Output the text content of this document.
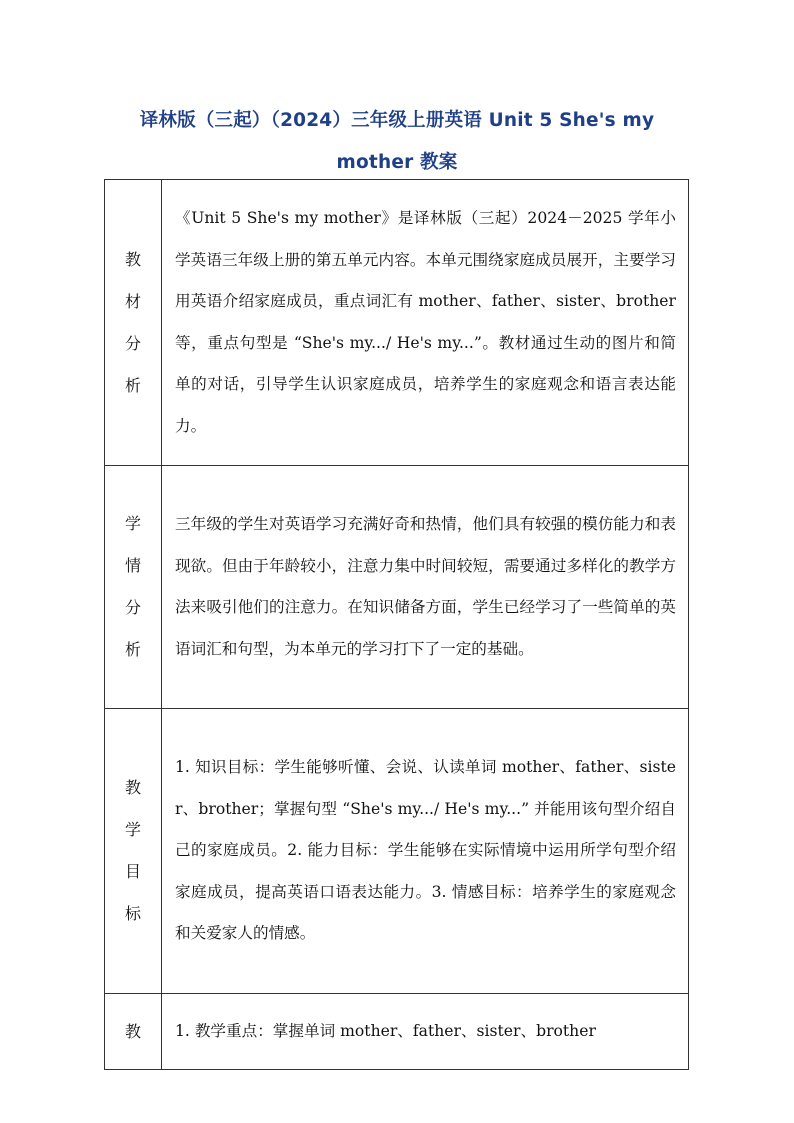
译林版（三起）（2024）三年级上册英语 Unit 5 She's my
mother 教案
教
材
分
析	《Unit 5 She's my mother》是译林版（三起）2024－2025 学年小学英语三年级上册的第五单元内容。本单元围绕家庭成员展开，主要学习用英语介绍家庭成员，重点词汇有 mother、father、sister、brother 等，重点句型是 “She's my.../ He's my...”。教材通过生动的图片和简单的对话，引导学生认识家庭成员，培养学生的家庭观念和语言表达能力。

学
情
分
析	三年级的学生对英语学习充满好奇和热情，他们具有较强的模仿能力和表现欲。但由于年龄较小，注意力集中时间较短，需要通过多样化的教学方法来吸引他们的注意力。在知识储备方面，学生已经学习了一些简单的英语词汇和句型，为本单元的学习打下了一定的基础。

教
学
目
标	1. 知识目标：学生能够听懂、会说、认读单词 mother、father、sister、brother；掌握句型 “She's my.../ He's my...” 并能用该句型介绍自己的家庭成员。2. 能力目标：学生能够在实际情境中运用所学句型介绍家庭成员，提高英语口语表达能力。3. 情感目标：培养学生的家庭观念和关爱家人的情感。

教	1. 教学重点：掌握单词 mother、father、sister、brother
